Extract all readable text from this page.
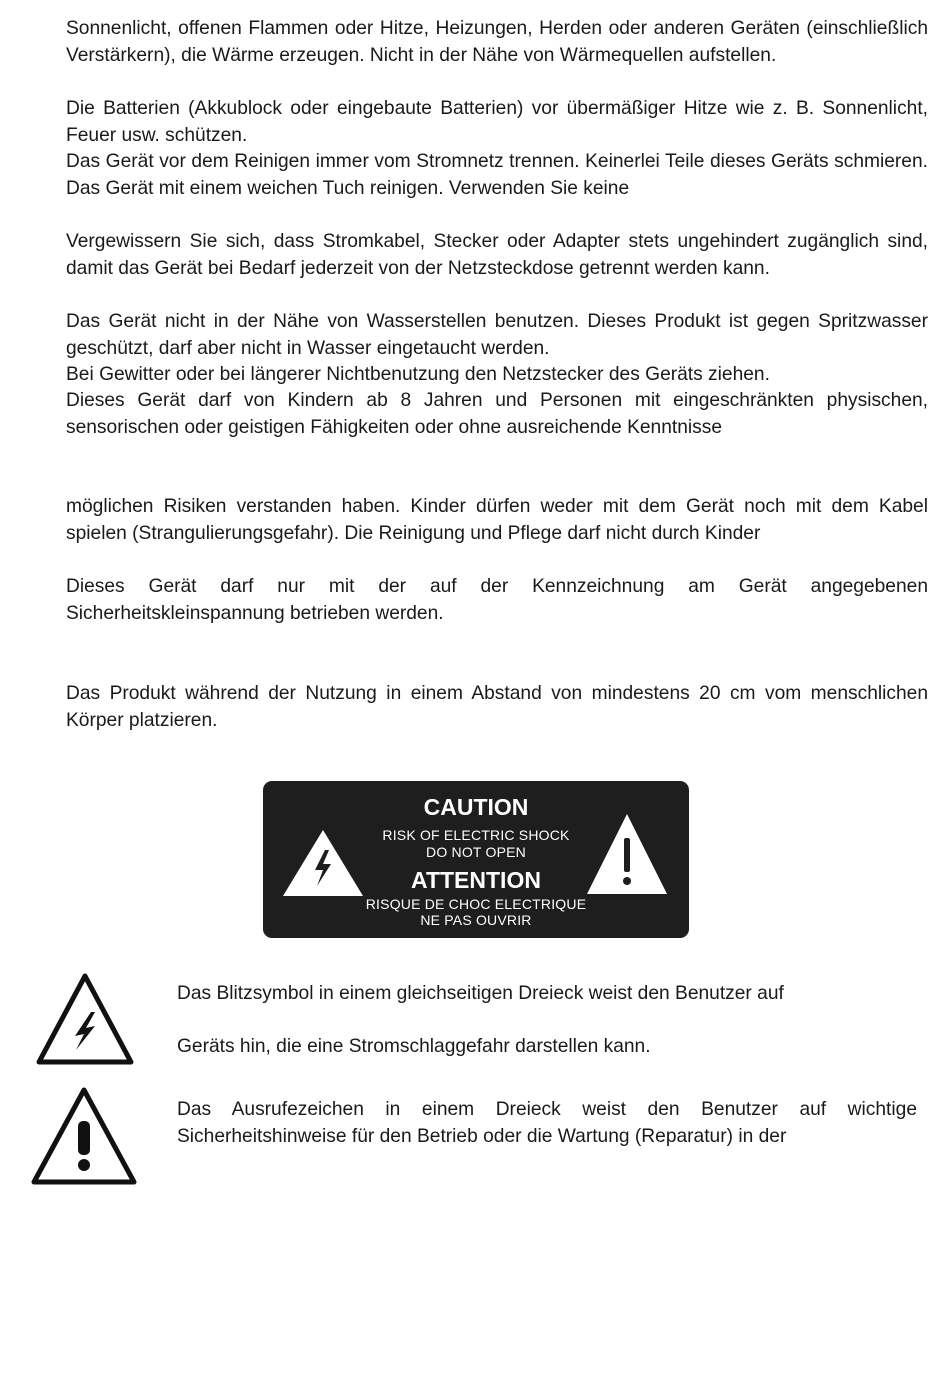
Sonnenlicht, offenen Flammen oder Hitze, Heizungen, Herden oder anderen Geräten (einschließlich Verstärkern), die Wärme erzeugen. Nicht in der Nähe von Wärmequellen aufstellen.

Die Batterien (Akkublock oder eingebaute Batterien) vor übermäßiger Hitze wie z. B. Sonnenlicht, Feuer usw. schützen.

Das Gerät vor dem Reinigen immer vom Stromnetz trennen. Keinerlei Teile dieses Geräts schmieren. Das Gerät mit einem weichen Tuch reinigen. Verwenden Sie keine

Vergewissern Sie sich, dass Stromkabel, Stecker oder Adapter stets ungehindert zugänglich sind, damit das Gerät bei Bedarf jederzeit von der Netzsteckdose getrennt werden kann.

Das Gerät nicht in der Nähe von Wasserstellen benutzen. Dieses Produkt ist gegen Spritzwasser geschützt, darf aber nicht in Wasser eingetaucht werden.

Bei Gewitter oder bei längerer Nichtbenutzung den Netzstecker des Geräts ziehen.

Dieses Gerät darf von Kindern ab 8 Jahren und Personen mit eingeschränkten physischen, sensorischen oder geistigen Fähigkeiten oder ohne ausreichende Kenntnisse

möglichen Risiken verstanden haben. Kinder dürfen weder mit dem Gerät noch mit dem Kabel spielen (Strangulierungsgefahr). Die Reinigung und Pflege darf nicht durch Kinder

Dieses Gerät darf nur mit der auf der Kennzeichnung am Gerät angegebenen Sicherheitskleinspannung betrieben werden.

Das Produkt während der Nutzung in einem Abstand von mindestens 20 cm vom menschlichen Körper platzieren.

CAUTION

RISK OF ELECTRIC SHOCK

DO NOT OPEN

ATTENTION

RISQUE DE CHOC ELECTRIQUE

NE PAS OUVRIR

Das Blitzsymbol in einem gleichseitigen Dreieck weist den Benutzer auf

Geräts hin, die eine Stromschlaggefahr darstellen kann.

Das Ausrufezeichen in einem Dreieck weist den Benutzer auf wichtige Sicherheitshinweise für den Betrieb oder die Wartung (Reparatur) in der
